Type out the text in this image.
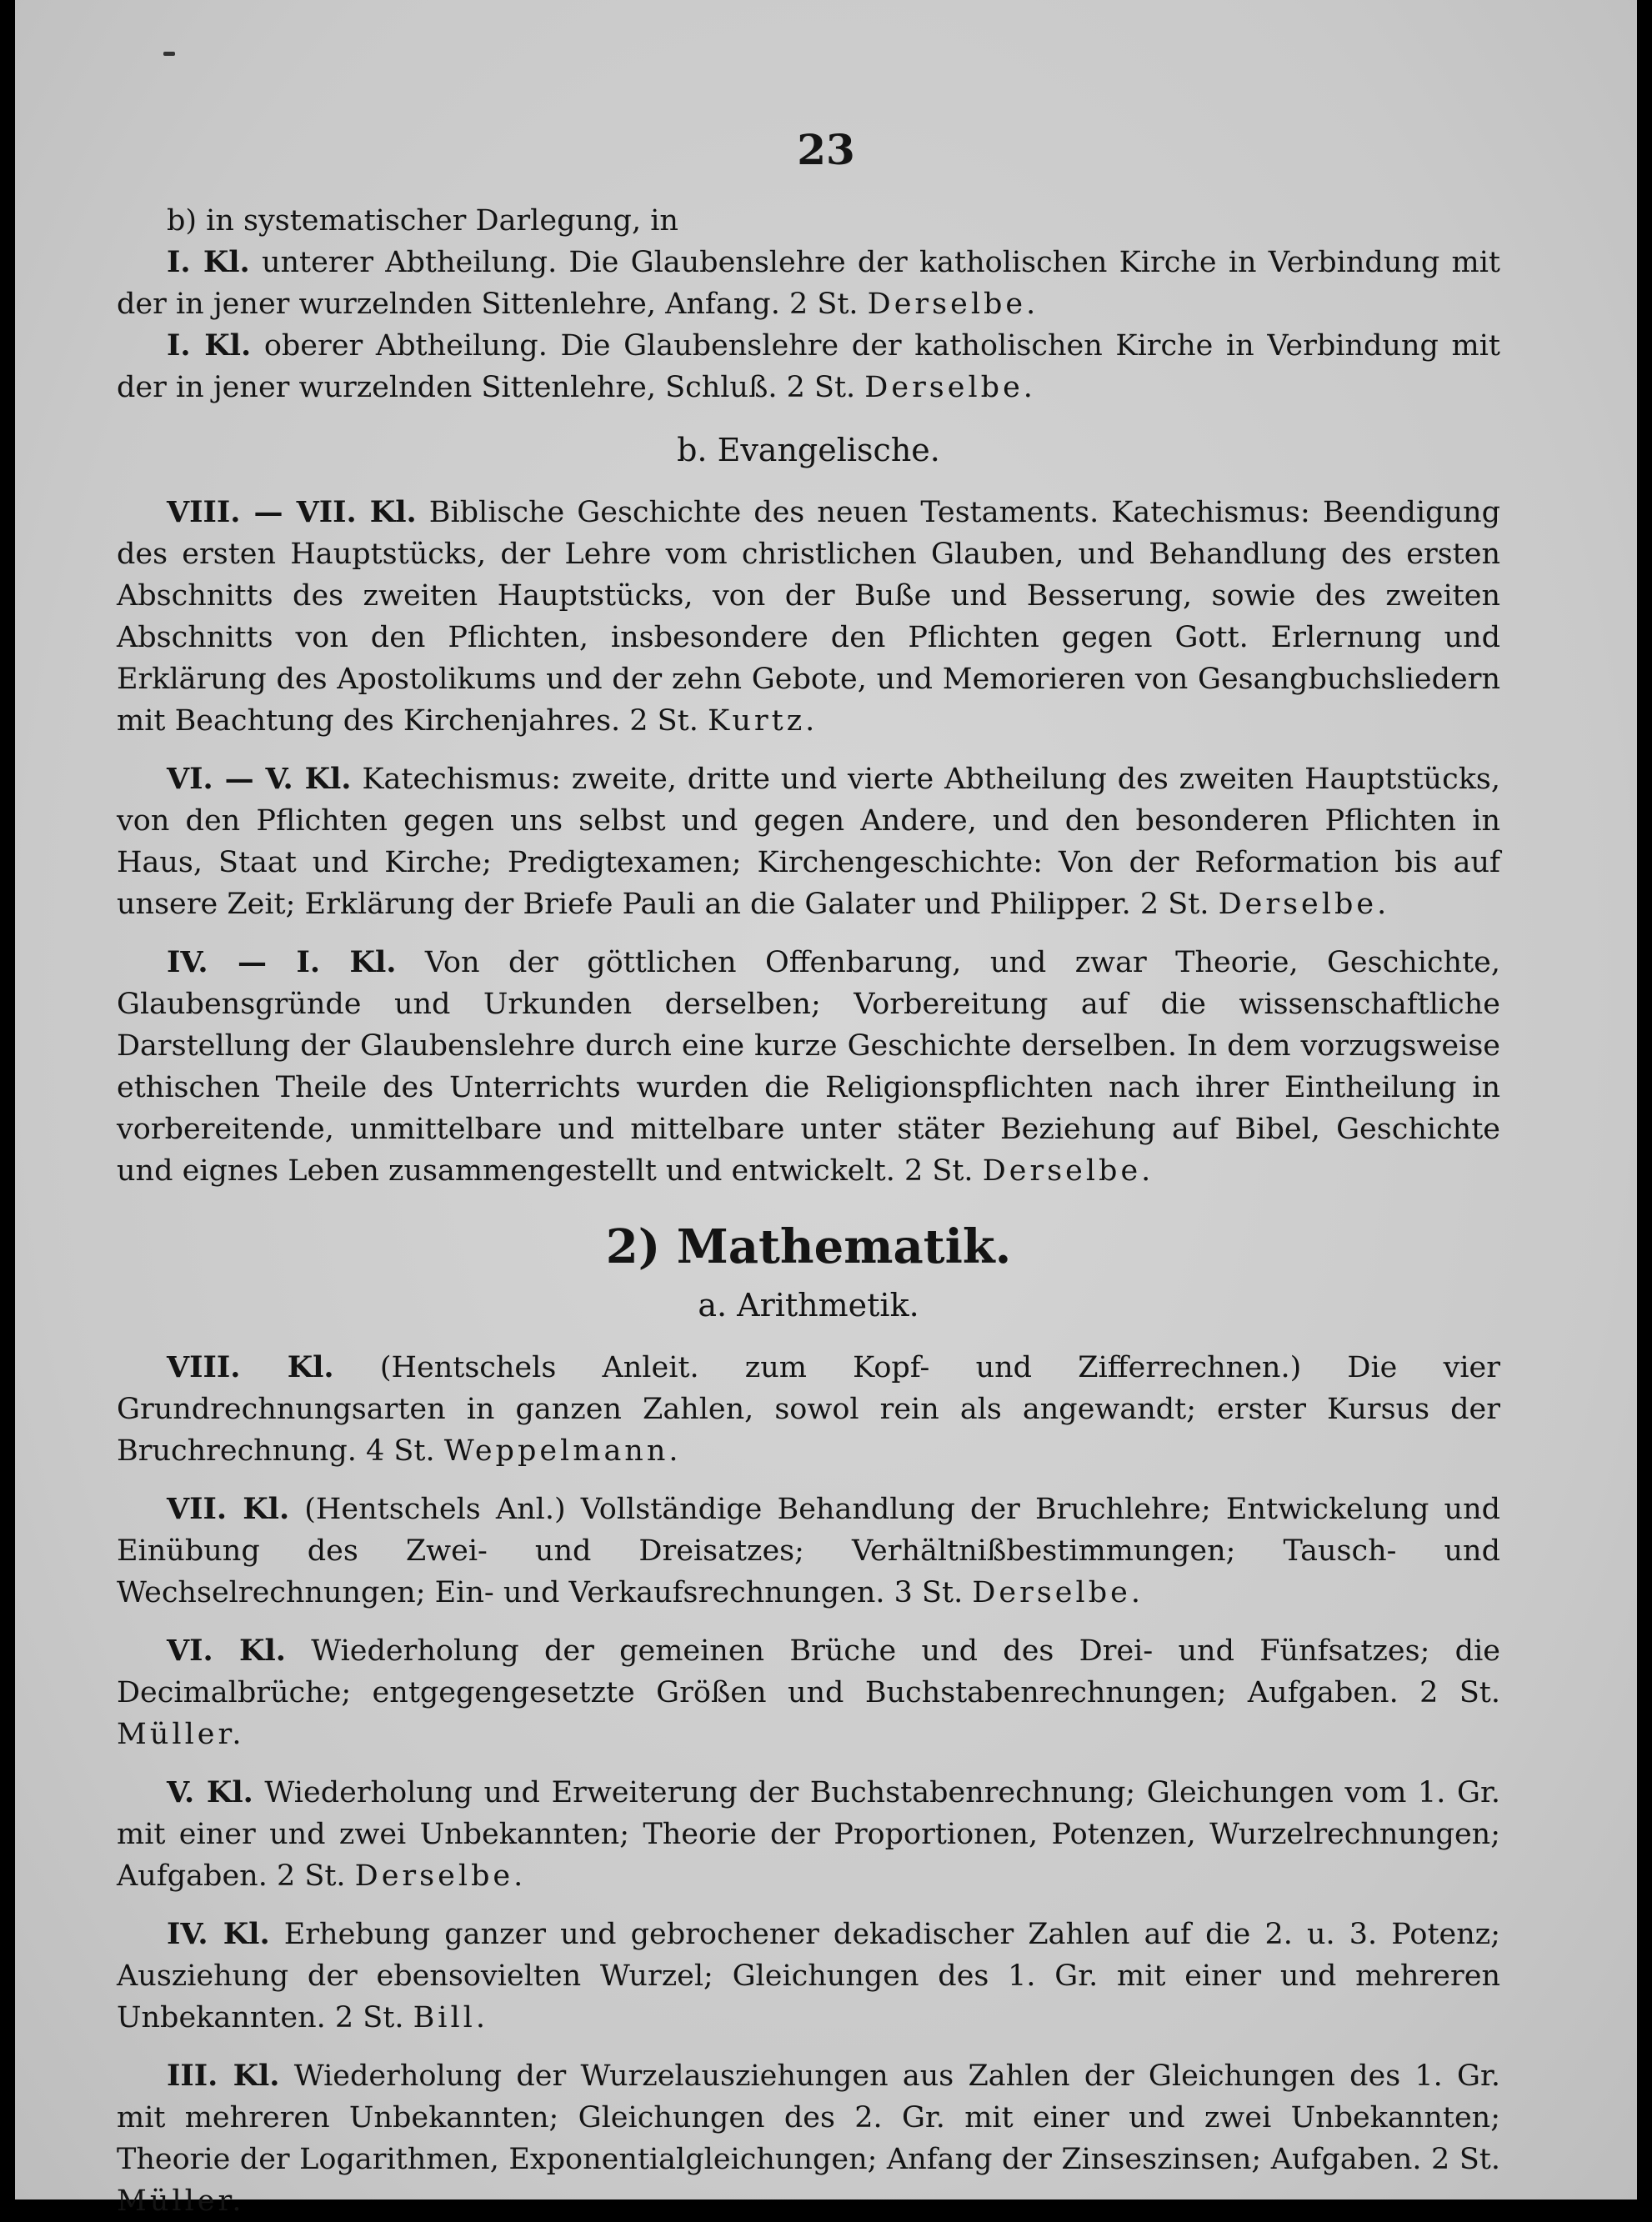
23

b) in systematischer Darlegung, in

I. Kl. unterer Abtheilung. Die Glaubenslehre der katholischen Kirche in Verbindung mit der in jener wurzelnden Sittenlehre, Anfang. 2 St. Derselbe.

I. Kl. oberer Abtheilung. Die Glaubenslehre der katholischen Kirche in Verbindung mit der in jener wurzelnden Sittenlehre, Schluß. 2 St. Derselbe.

b. Evangelische.

VIII. — VII. Kl. Biblische Geschichte des neuen Testaments. Katechismus: Beendigung des ersten Hauptstücks, der Lehre vom christlichen Glauben, und Behandlung des ersten Abschnitts des zweiten Hauptstücks, von der Buße und Besserung, sowie des zweiten Abschnitts von den Pflichten, insbesondere den Pflichten gegen Gott. Erlernung und Erklärung des Apostolikums und der zehn Gebote, und Memorieren von Gesangbuchsliedern mit Beachtung des Kirchenjahres. 2 St. Kurtz.

VI. — V. Kl. Katechismus: zweite, dritte und vierte Abtheilung des zweiten Hauptstücks, von den Pflichten gegen uns selbst und gegen Andere, und den besonderen Pflichten in Haus, Staat und Kirche; Predigtexamen; Kirchengeschichte: Von der Reformation bis auf unsere Zeit; Erklärung der Briefe Pauli an die Galater und Philipper. 2 St. Derselbe.

IV. — I. Kl. Von der göttlichen Offenbarung, und zwar Theorie, Geschichte, Glaubensgründe und Urkunden derselben; Vorbereitung auf die wissenschaftliche Darstellung der Glaubenslehre durch eine kurze Geschichte derselben. In dem vorzugsweise ethischen Theile des Unterrichts wurden die Religionspflichten nach ihrer Eintheilung in vorbereitende, unmittelbare und mittelbare unter stäter Beziehung auf Bibel, Geschichte und eignes Leben zusammengestellt und entwickelt. 2 St. Derselbe.

2) Mathematik.

a. Arithmetik.

VIII. Kl. (Hentschels Anleit. zum Kopf- und Zifferrechnen.) Die vier Grundrechnungsarten in ganzen Zahlen, sowol rein als angewandt; erster Kursus der Bruchrechnung. 4 St. Weppelmann.

VII. Kl. (Hentschels Anl.) Vollständige Behandlung der Bruchlehre; Entwickelung und Einübung des Zwei- und Dreisatzes; Verhältnißbestimmungen; Tausch- und Wechselrechnungen; Ein- und Verkaufsrechnungen. 3 St. Derselbe.

VI. Kl. Wiederholung der gemeinen Brüche und des Drei- und Fünfsatzes; die Decimalbrüche; entgegengesetzte Größen und Buchstabenrechnungen; Aufgaben. 2 St. Müller.

V. Kl. Wiederholung und Erweiterung der Buchstabenrechnung; Gleichungen vom 1. Gr. mit einer und zwei Unbekannten; Theorie der Proportionen, Potenzen, Wurzelrechnungen; Aufgaben. 2 St. Derselbe.

IV. Kl. Erhebung ganzer und gebrochener dekadischer Zahlen auf die 2. u. 3. Potenz; Ausziehung der ebensovielten Wurzel; Gleichungen des 1. Gr. mit einer und mehreren Unbekannten. 2 St. Bill.

III. Kl. Wiederholung der Wurzelausziehungen aus Zahlen der Gleichungen des 1. Gr. mit mehreren Unbekannten; Gleichungen des 2. Gr. mit einer und zwei Unbekannten; Theorie der Logarithmen, Exponentialgleichungen; Anfang der Zinseszinsen; Aufgaben. 2 St. Müller.
